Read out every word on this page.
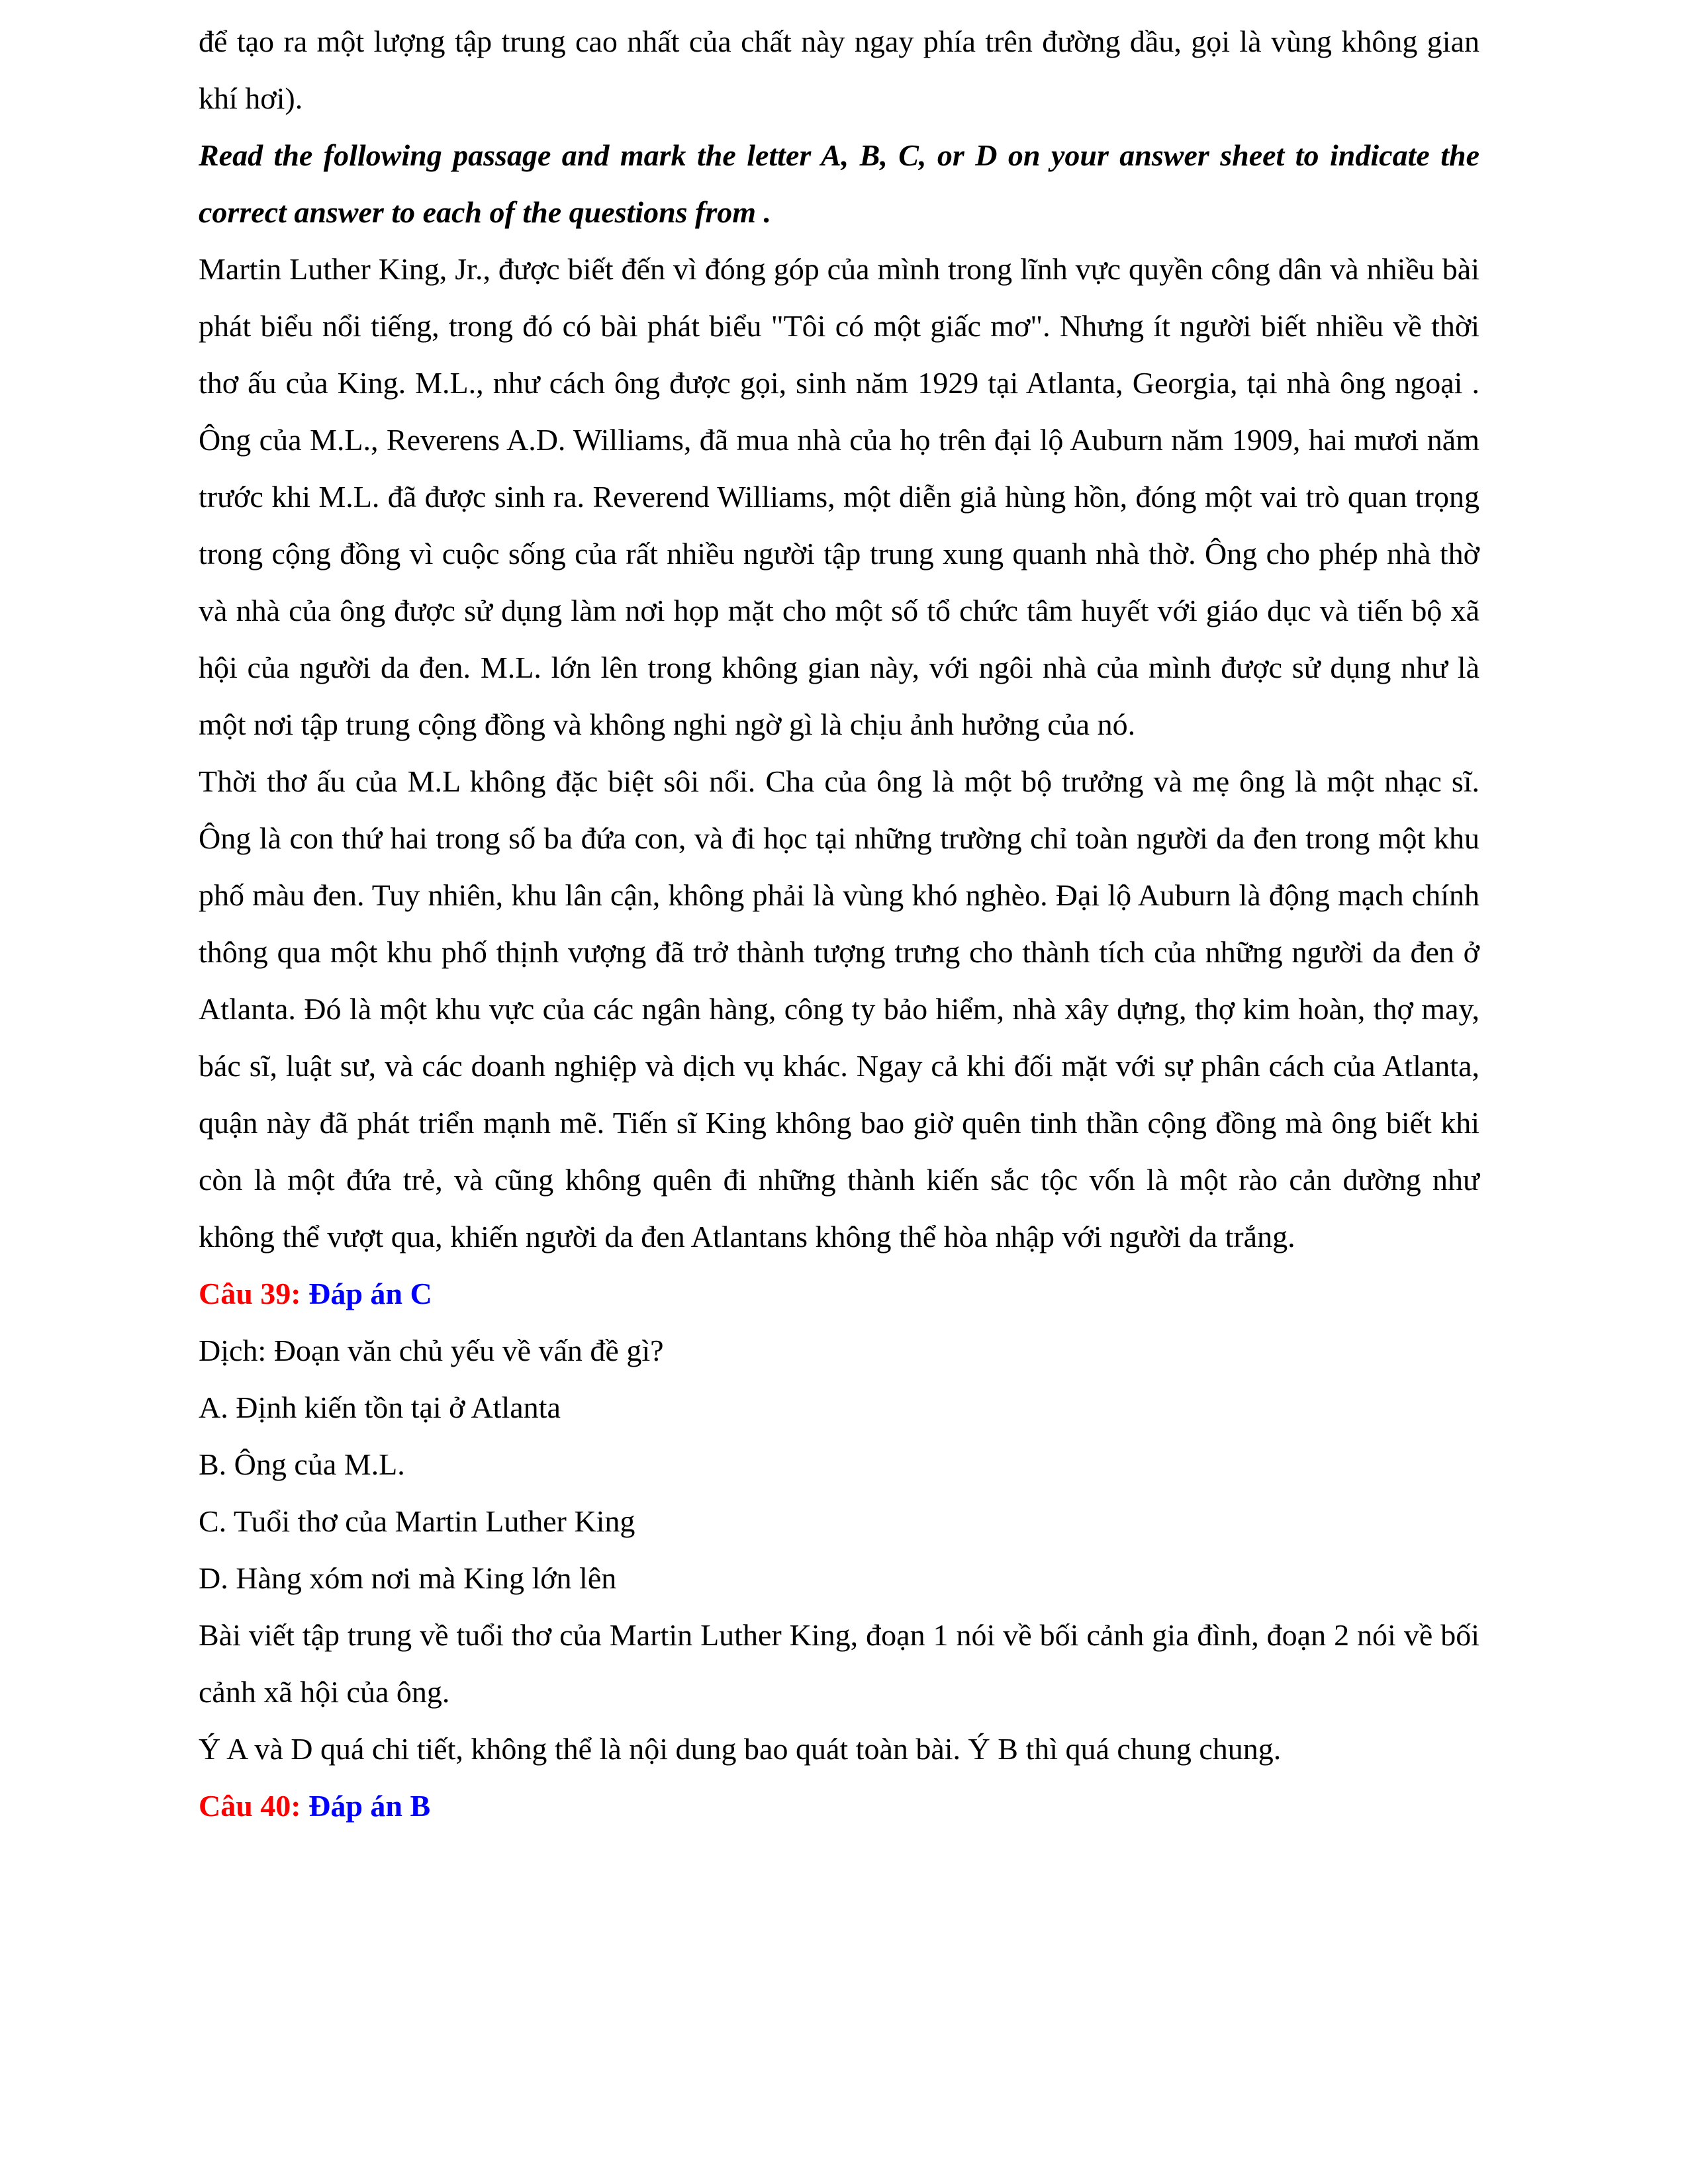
để tạo ra một lượng tập trung cao nhất của chất này ngay phía trên đường dầu, gọi là vùng không gian khí hơi).

Read the following passage and mark the letter A, B, C, or D on your answer sheet to indicate the correct answer to each of the questions from .

Martin Luther King, Jr., được biết đến vì đóng góp của mình trong lĩnh vực quyền công dân và nhiều bài phát biểu nổi tiếng, trong đó có bài phát biểu "Tôi có một giấc mơ". Nhưng ít người biết nhiều về thời thơ ấu của King. M.L., như cách ông được gọi, sinh năm 1929 tại Atlanta, Georgia, tại nhà ông ngoại . Ông của M.L., Reverens A.D. Williams, đã mua nhà của họ trên đại lộ Auburn năm 1909, hai mươi năm trước khi M.L. đã được sinh ra. Reverend Williams, một diễn giả hùng hồn, đóng một vai trò quan trọng trong cộng đồng vì cuộc sống của rất nhiều người tập trung xung quanh nhà thờ. Ông cho phép nhà thờ và nhà của ông được sử dụng làm nơi họp mặt cho một số tổ chức tâm huyết với giáo dục và tiến bộ xã hội của người da đen. M.L. lớn lên trong không gian này, với ngôi nhà của mình được sử dụng như là một nơi tập trung cộng đồng và không nghi ngờ gì là chịu ảnh hưởng của nó.

Thời thơ ấu của M.L không đặc biệt sôi nổi. Cha của ông là một bộ trưởng và mẹ ông là một nhạc sĩ. Ông là con thứ hai trong số ba đứa con, và đi học tại những trường chỉ toàn người da đen trong một khu phố màu đen. Tuy nhiên, khu lân cận, không phải là vùng khó nghèo. Đại lộ Auburn là động mạch chính thông qua một khu phố thịnh vượng đã trở thành tượng trưng cho thành tích của những người da đen ở Atlanta. Đó là một khu vực của các ngân hàng, công ty bảo hiểm, nhà xây dựng, thợ kim hoàn, thợ may, bác sĩ, luật sư, và các doanh nghiệp và dịch vụ khác. Ngay cả khi đối mặt với sự phân cách của Atlanta, quận này đã phát triển mạnh mẽ. Tiến sĩ King không bao giờ quên tinh thần cộng đồng mà ông biết khi còn là một đứa trẻ, và cũng không quên đi những thành kiến sắc tộc vốn là một rào cản dường như không thể vượt qua, khiến người da đen Atlantans không thể hòa nhập với người da trắng.

Câu 39: Đáp án C

Dịch: Đoạn văn chủ yếu về vấn đề gì?

A. Định kiến tồn tại ở Atlanta

B. Ông của M.L.

C. Tuổi thơ của Martin Luther King

D. Hàng xóm nơi mà King lớn lên

Bài viết tập trung về tuổi thơ của Martin Luther King, đoạn 1 nói về bối cảnh gia đình, đoạn 2 nói về bối cảnh xã hội của ông.

Ý A và D quá chi tiết, không thể là nội dung bao quát toàn bài. Ý B thì quá chung chung.

Câu 40: Đáp án B
